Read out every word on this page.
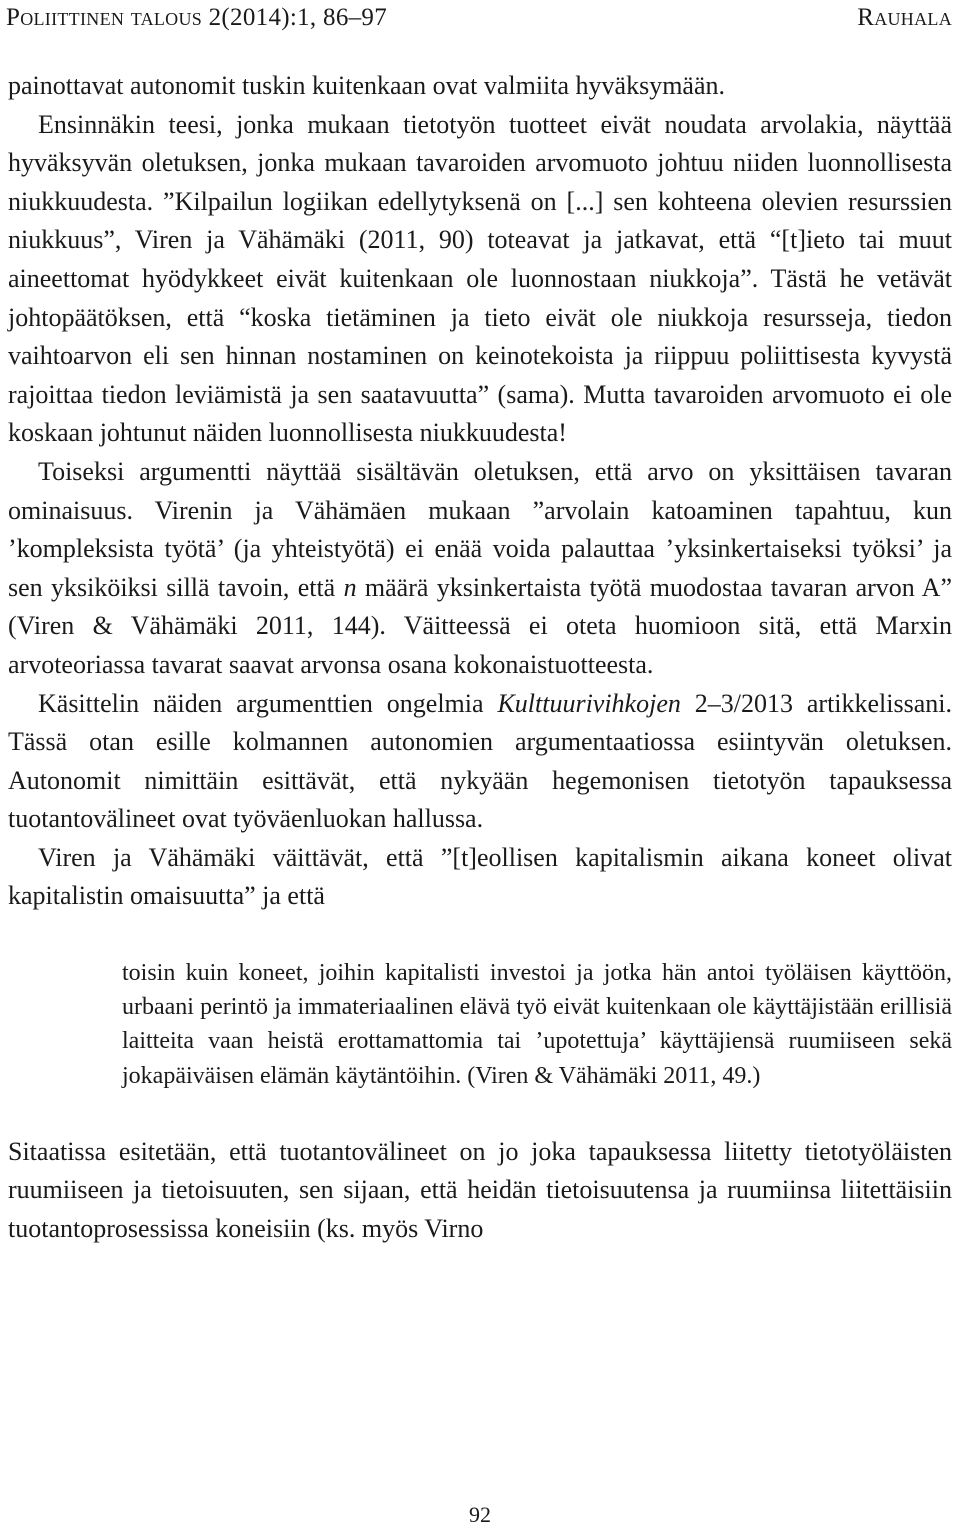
Poliittinen talous 2(2014):1, 86–97	Rauhala

painottavat autonomit tuskin kuitenkaan ovat valmiita hyväksymään.

Ensinnäkin teesi, jonka mukaan tietotyön tuotteet eivät noudata arvolakia, näyttää hyväksyvän oletuksen, jonka mukaan tavaroiden arvomuoto johtuu niiden luonnollisesta niukkuudesta. ”Kilpailun logiikan edellytyksenä on [...] sen kohteena olevien resurssien niukkuus”, Viren ja Vähämäki (2011, 90) toteavat ja jatkavat, että “[t]ieto tai muut aineettomat hyödykkeet eivät kuitenkaan ole luonnostaan niukkoja”. Tästä he vetävät johtopäätöksen, että “koska tietäminen ja tieto eivät ole niukkoja resursseja, tiedon vaihtoarvon eli sen hinnan nostaminen on keinotekoista ja riippuu poliittisesta kyvystä rajoittaa tiedon leviämistä ja sen saatavuutta” (sama). Mutta tavaroiden arvomuoto ei ole koskaan johtunut näiden luonnollisesta niukkuudesta!

Toiseksi argumentti näyttää sisältävän oletuksen, että arvo on yksittäisen tavaran ominaisuus. Virenin ja Vähämäen mukaan ”arvolain katoaminen tapahtuu, kun ’kompleksista työtä’ (ja yhteistyötä) ei enää voida palauttaa ’yksinkertaiseksi työksi’ ja sen yksiköiksi sillä tavoin, että n määrä yksinkertaista työtä muodostaa tavaran arvon A” (Viren & Vähämäki 2011, 144). Väitteessä ei oteta huomioon sitä, että Marxin arvoteoriassa tavarat saavat arvonsa osana kokonaistuotteesta.

Käsittelin näiden argumenttien ongelmia Kulttuurivihkojen 2–3/2013 artikkelissani. Tässä otan esille kolmannen autonomien argumentaatiossa esiintyvän oletuksen. Autonomit nimittäin esittävät, että nykyään hegemonisen tietotyön tapauksessa tuotantovälineet ovat työväenluokan hallussa.

Viren ja Vähämäki väittävät, että ”[t]eollisen kapitalismin aikana koneet olivat kapitalistin omaisuutta” ja että

toisin kuin koneet, joihin kapitalisti investoi ja jotka hän antoi työläisen käyttöön, urbaani perintö ja immateriaalinen elävä työ eivät kuitenkaan ole käyttäjistään erillisiä laitteita vaan heistä erottamattomia tai ’upotettuja’ käyttäjiensä ruumiiseen sekä jokapäiväisen elämän käytäntöihin. (Viren & Vähämäki 2011, 49.)

Sitaatissa esitetään, että tuotantovälineet on jo joka tapauksessa liitetty tietotyöläisten ruumiiseen ja tietoisuuten, sen sijaan, että heidän tietoisuutensa ja ruumiinsa liitettäisiin tuotantoprosessissa koneisiin (ks. myös Virno

92
